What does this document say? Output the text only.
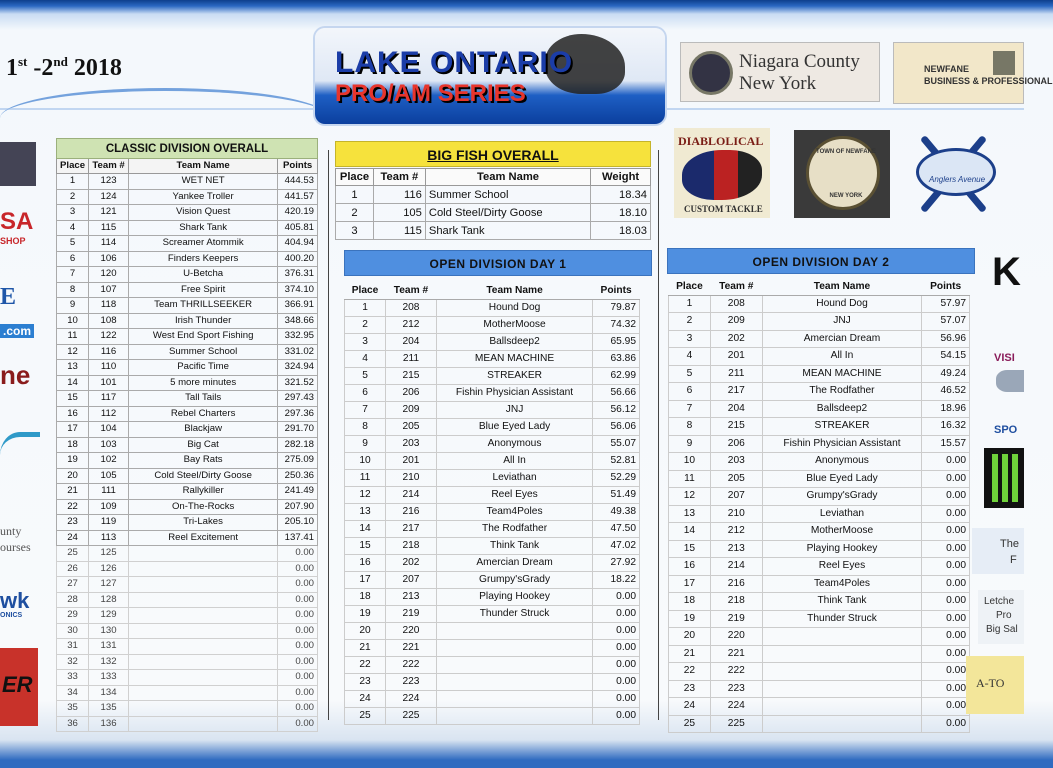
1st -2nd 2018	LAKE ONTARIO
PRO/AM SERIES
Niagara County
New York
NEWFANE
BUSINESS & PROFESSIONAL
DIABLOLICAL
CUSTOM TACKLE
TOWN OF NEWFANE
NEW YORK
Anglers Avenue
SA
SHOP
E
.com
ne
unty
ourses
wk
ONICS
ER
CLASSIC DIVISION OVERALL			
Place	Team #	Team Name	Points
1	123	WET NET	444.53
2	124	Yankee Troller	441.57
3	121	Vision Quest	420.19
4	115	Shark Tank	405.81
5	114	Screamer Atommik	404.94
6	106	Finders Keepers	400.20
7	120	U-Betcha	376.31
8	107	Free Spirit	374.10
9	118	Team THRILLSEEKER	366.91
10	108	Irish Thunder	348.66
11	122	West End Sport Fishing	332.95
12	116	Summer School	331.02
13	110	Pacific Time	324.94
14	101	5 more minutes	321.52
15	117	Tall Tails	297.43
16	112	Rebel Charters	297.36
17	104	Blackjaw	291.70
18	103	Big Cat	282.18
19	102	Bay Rats	275.09
20	105	Cold Steel/Dirty Goose	250.36
21	111	Rallykiller	241.49
22	109	On-The-Rocks	207.90
23	119	Tri-Lakes	205.10
24	113	Reel Excitement	137.41
25	125		0.00
26	126		0.00
27	127		0.00
28	128		0.00
29	129		0.00
30	130		0.00
31	131		0.00
32	132		0.00
33	133		0.00
34	134		0.00
35	135		0.00
36	136		0.00
BIG FISH OVERALL
Place	Team #	Team Name	Weight
1	116	Summer School	18.34
2	105	Cold Steel/Dirty Goose	18.10
3	115	Shark Tank	18.03
OPEN DIVISION DAY 1
Place	Team #	Team Name	Points
1	208	Hound Dog	79.87
2	212	MotherMoose	74.32
3	204	Ballsdeep2	65.95
4	211	MEAN MACHINE	63.86
5	215	STREAKER	62.99
6	206	Fishin Physician Assistant	56.66
7	209	JNJ	56.12
8	205	Blue Eyed Lady	56.06
9	203	Anonymous	55.07
10	201	All In	52.81
11	210	Leviathan	52.29
12	214	Reel Eyes	51.49
13	216	Team4Poles	49.38
14	217	The Rodfather	47.50
15	218	Think Tank	47.02
16	202	Amercian Dream	27.92
17	207	Grumpy'sGrady	18.22
18	213	Playing Hookey	0.00
19	219	Thunder Struck	0.00
20	220		0.00
21	221		0.00
22	222		0.00
23	223		0.00
24	224		0.00
25	225		0.00
OPEN DIVISION DAY 2
Place	Team #	Team Name	Points
1	208	Hound Dog	57.97
2	209	JNJ	57.07
3	202	Amercian Dream	56.96
4	201	All In	54.15
5	211	MEAN MACHINE	49.24
6	217	The Rodfather	46.52
7	204	Ballsdeep2	18.96
8	215	STREAKER	16.32
9	206	Fishin Physician Assistant	15.57
10	203	Anonymous	0.00
11	205	Blue Eyed Lady	0.00
12	207	Grumpy'sGrady	0.00
13	210	Leviathan	0.00
14	212	MotherMoose	0.00
15	213	Playing Hookey	0.00
16	214	Reel Eyes	0.00
17	216	Team4Poles	0.00
18	218	Think Tank	0.00
19	219	Thunder Struck	0.00
20	220		0.00
21	221		0.00
22	222		0.00
23	223		0.00
24	224		0.00
25	225		0.00
K
VISI
SPO
The
F
Letche
Pro
Big Sal
A-TO
